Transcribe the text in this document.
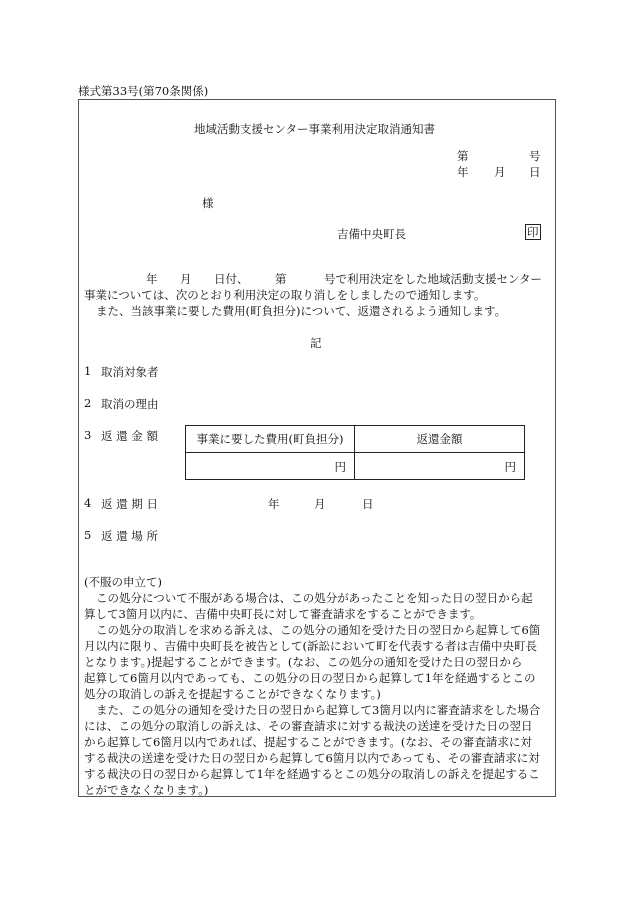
様式第33号(第70条関係)
地域活動支援センター事業利用決定取消通知書
第	号
年 月 日
様
吉備中央町長	印
年 月 日付、 第	号で利用決定をした地域活動支援センター
事業については、次のとおり利用決定の取り消しをしましたので通知します。
また、当該事業に要した費用(町負担分)について、返還されるよう通知します。
記
1 取消対象者
2 取消の理由
3 返 還 金 額	事業に要した費用(町負担分)	返還金額
円	円
4 返 還 期 日	年	月	日
5 返 還 場 所
(不服の申立て)
この処分について不服がある場合は、この処分があったことを知った日の翌日から起
算して3箇月以内に、吉備中央町長に対して審査請求をすることができます。
この処分の取消しを求める訴えは、この処分の通知を受けた日の翌日から起算して6箇
月以内に限り、吉備中央町長を被告として(訴訟において町を代表する者は吉備中央町長
となります。)提起することができます。(なお、この処分の通知を受けた日の翌日から
起算して6箇月以内であっても、この処分の日の翌日から起算して1年を経過するとこの
処分の取消しの訴えを提起することができなくなります。)
また、この処分の通知を受けた日の翌日から起算して3箇月以内に審査請求をした場合
には、この処分の取消しの訴えは、その審査請求に対する裁決の送達を受けた日の翌日
から起算して6箇月以内であれば、提起することができます。(なお、その審査請求に対
する裁決の送達を受けた日の翌日から起算して6箇月以内であっても、その審査請求に対
する裁決の日の翌日から起算して1年を経過するとこの処分の取消しの訴えを提起するこ
とができなくなります。)
